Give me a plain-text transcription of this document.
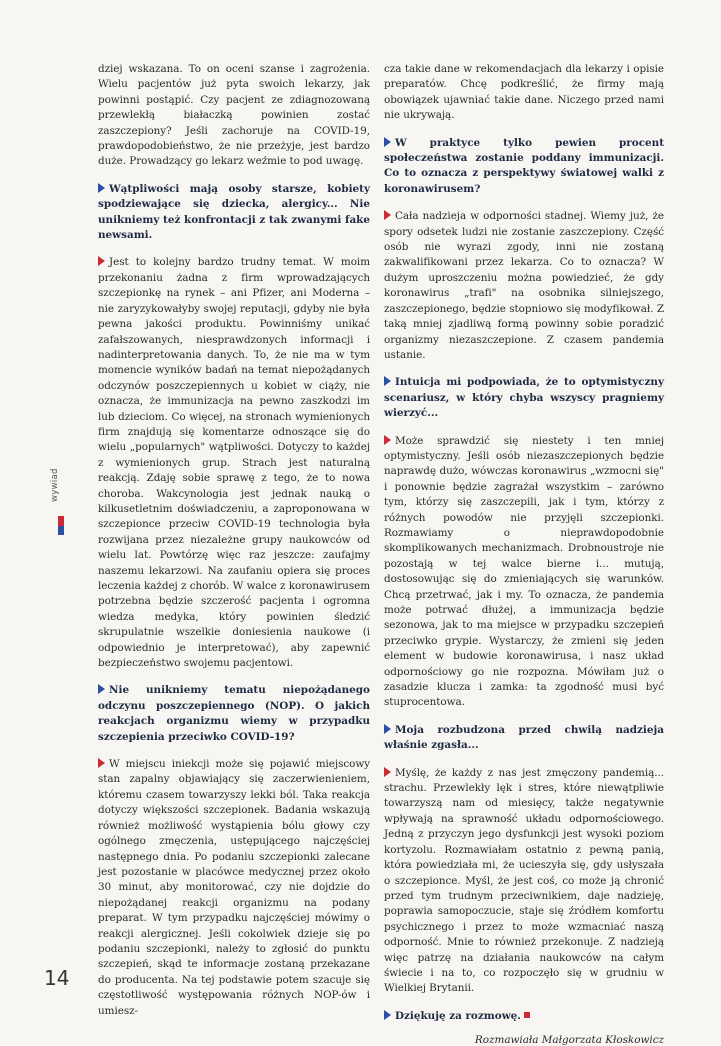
wywiad

dziej wskazana. To on oceni szanse i zagrożenia. Wielu pacjentów już pyta swoich lekarzy, jak powinni postąpić. Czy pacjent ze zdiagnozowaną przewlekłą białaczką powinien zostać zaszczepiony? Jeśli zachoruje na COVID-19, prawdopodobieństwo, że nie przeżyje, jest bardzo duże. Prowadzący go lekarz weźmie to pod uwagę.

Wątpliwości mają osoby starsze, kobiety spodziewające się dziecka, alergicy... Nie unikniemy też konfrontacji z tak zwanymi fake newsami.

Jest to kolejny bardzo trudny temat. W moim przekonaniu żadna z firm wprowadzających szczepionkę na rynek – ani Pfizer, ani Moderna – nie zaryzykowałyby swojej reputacji, gdyby nie była pewna jakości produktu. Powinniśmy unikać zafałszowanych, niesprawdzonych informacji i nadinterpretowania danych. To, że nie ma w tym momencie wyników badań na temat niepożądanych odczynów poszczepiennych u kobiet w ciąży, nie oznacza, że immunizacja na pewno zaszkodzi im lub dzieciom. Co więcej, na stronach wymienionych firm znajdują się komentarze odnoszące się do wielu „popularnych" wątpliwości. Dotyczy to każdej z wymienionych grup. Strach jest naturalną reakcją. Zdaję sobie sprawę z tego, że to nowa choroba. Wakcynologia jest jednak nauką o kilkusetletnim doświadczeniu, a zaproponowana w szczepionce przeciw COVID-19 technologia była rozwijana przez niezależne grupy naukowców od wielu lat. Powtórzę więc raz jeszcze: zaufajmy naszemu lekarzowi. Na zaufaniu opiera się proces leczenia każdej z chorób. W walce z koronawirusem potrzebna będzie szczerość pacjenta i ogromna wiedza medyka, który powinien śledzić skrupulatnie wszelkie doniesienia naukowe (i odpowiednio je interpretować), aby zapewnić bezpieczeństwo swojemu pacjentowi.

Nie unikniemy tematu niepożądanego odczynu poszczepiennego (NOP). O jakich reakcjach organizmu wiemy w przypadku szczepienia przeciwko COVID-19?

W miejscu iniekcji może się pojawić miejscowy stan zapalny objawiający się zaczerwienieniem, któremu czasem towarzyszy lekki ból. Taka reakcja dotyczy większości szczepionek. Badania wskazują również możliwość wystąpienia bólu głowy czy ogólnego zmęczenia, ustępującego najczęściej następnego dnia. Po podaniu szczepionki zalecane jest pozostanie w placówce medycznej przez około 30 minut, aby monitorować, czy nie dojdzie do niepożądanej reakcji organizmu na podany preparat. W tym przypadku najczęściej mówimy o reakcji alergicznej. Jeśli cokolwiek dzieje się po podaniu szczepionki, należy to zgłosić do punktu szczepień, skąd te informacje zostaną przekazane do producenta. Na tej podstawie potem szacuje się częstotliwość występowania różnych NOP-ów i umiesz-

cza takie dane w rekomendacjach dla lekarzy i opisie preparatów. Chcę podkreślić, że firmy mają obowiązek ujawniać takie dane. Niczego przed nami nie ukrywają.

W praktyce tylko pewien procent społeczeństwa zostanie poddany immunizacji. Co to oznacza z perspektywy światowej walki z koronawirusem?

Cała nadzieja w odporności stadnej. Wiemy już, że spory odsetek ludzi nie zostanie zaszczepiony. Część osób nie wyrazi zgody, inni nie zostaną zakwalifikowani przez lekarza. Co to oznacza? W dużym uproszczeniu można powiedzieć, że gdy koronawirus „trafi" na osobnika silniejszego, zaszczepionego, będzie stopniowo się modyfikował. Z taką mniej zjadliwą formą powinny sobie poradzić organizmy niezaszczepione. Z czasem pandemia ustanie.

Intuicja mi podpowiada, że to optymistyczny scenariusz, w który chyba wszyscy pragniemy wierzyć...

Może sprawdzić się niestety i ten mniej optymistyczny. Jeśli osób niezaszczepionych będzie naprawdę dużo, wówczas koronawirus „wzmocni się" i ponownie będzie zagrażał wszystkim – zarówno tym, którzy się zaszczepili, jak i tym, którzy z różnych powodów nie przyjęli szczepionki. Rozmawiamy o nieprawdopodobnie skomplikowanych mechanizmach. Drobnoustroje nie pozostają w tej walce bierne i... mutują, dostosowując się do zmieniających się warunków. Chcą przetrwać, jak i my. To oznacza, że pandemia może potrwać dłużej, a immunizacja będzie sezonowa, jak to ma miejsce w przypadku szczepień przeciwko grypie. Wystarczy, że zmieni się jeden element w budowie koronawirusa, i nasz układ odpornościowy go nie rozpozna. Mówiłam już o zasadzie klucza i zamka: ta zgodność musi być stuprocentowa.

Moja rozbudzona przed chwilą nadzieja właśnie zgasła...

Myślę, że każdy z nas jest zmęczony pandemią... strachu. Przewlekły lęk i stres, które niewątpliwie towarzyszą nam od miesięcy, także negatywnie wpływają na sprawność układu odpornościowego. Jedną z przyczyn jego dysfunkcji jest wysoki poziom kortyzolu. Rozmawiałam ostatnio z pewną panią, która powiedziała mi, że ucieszyła się, gdy usłyszała o szczepionce. Myśl, że jest coś, co może ją chronić przed tym trudnym przeciwnikiem, daje nadzieję, poprawia samopoczucie, staje się źródłem komfortu psychicznego i przez to może wzmacniać naszą odporność. Mnie to również przekonuje. Z nadzieją więc patrzę na działania naukowców na całym świecie i na to, co rozpoczęło się w grudniu w Wielkiej Brytanii.

Dziękuję za rozmowę.

Rozmawiała Małgorzata Kłoskowicz
14
